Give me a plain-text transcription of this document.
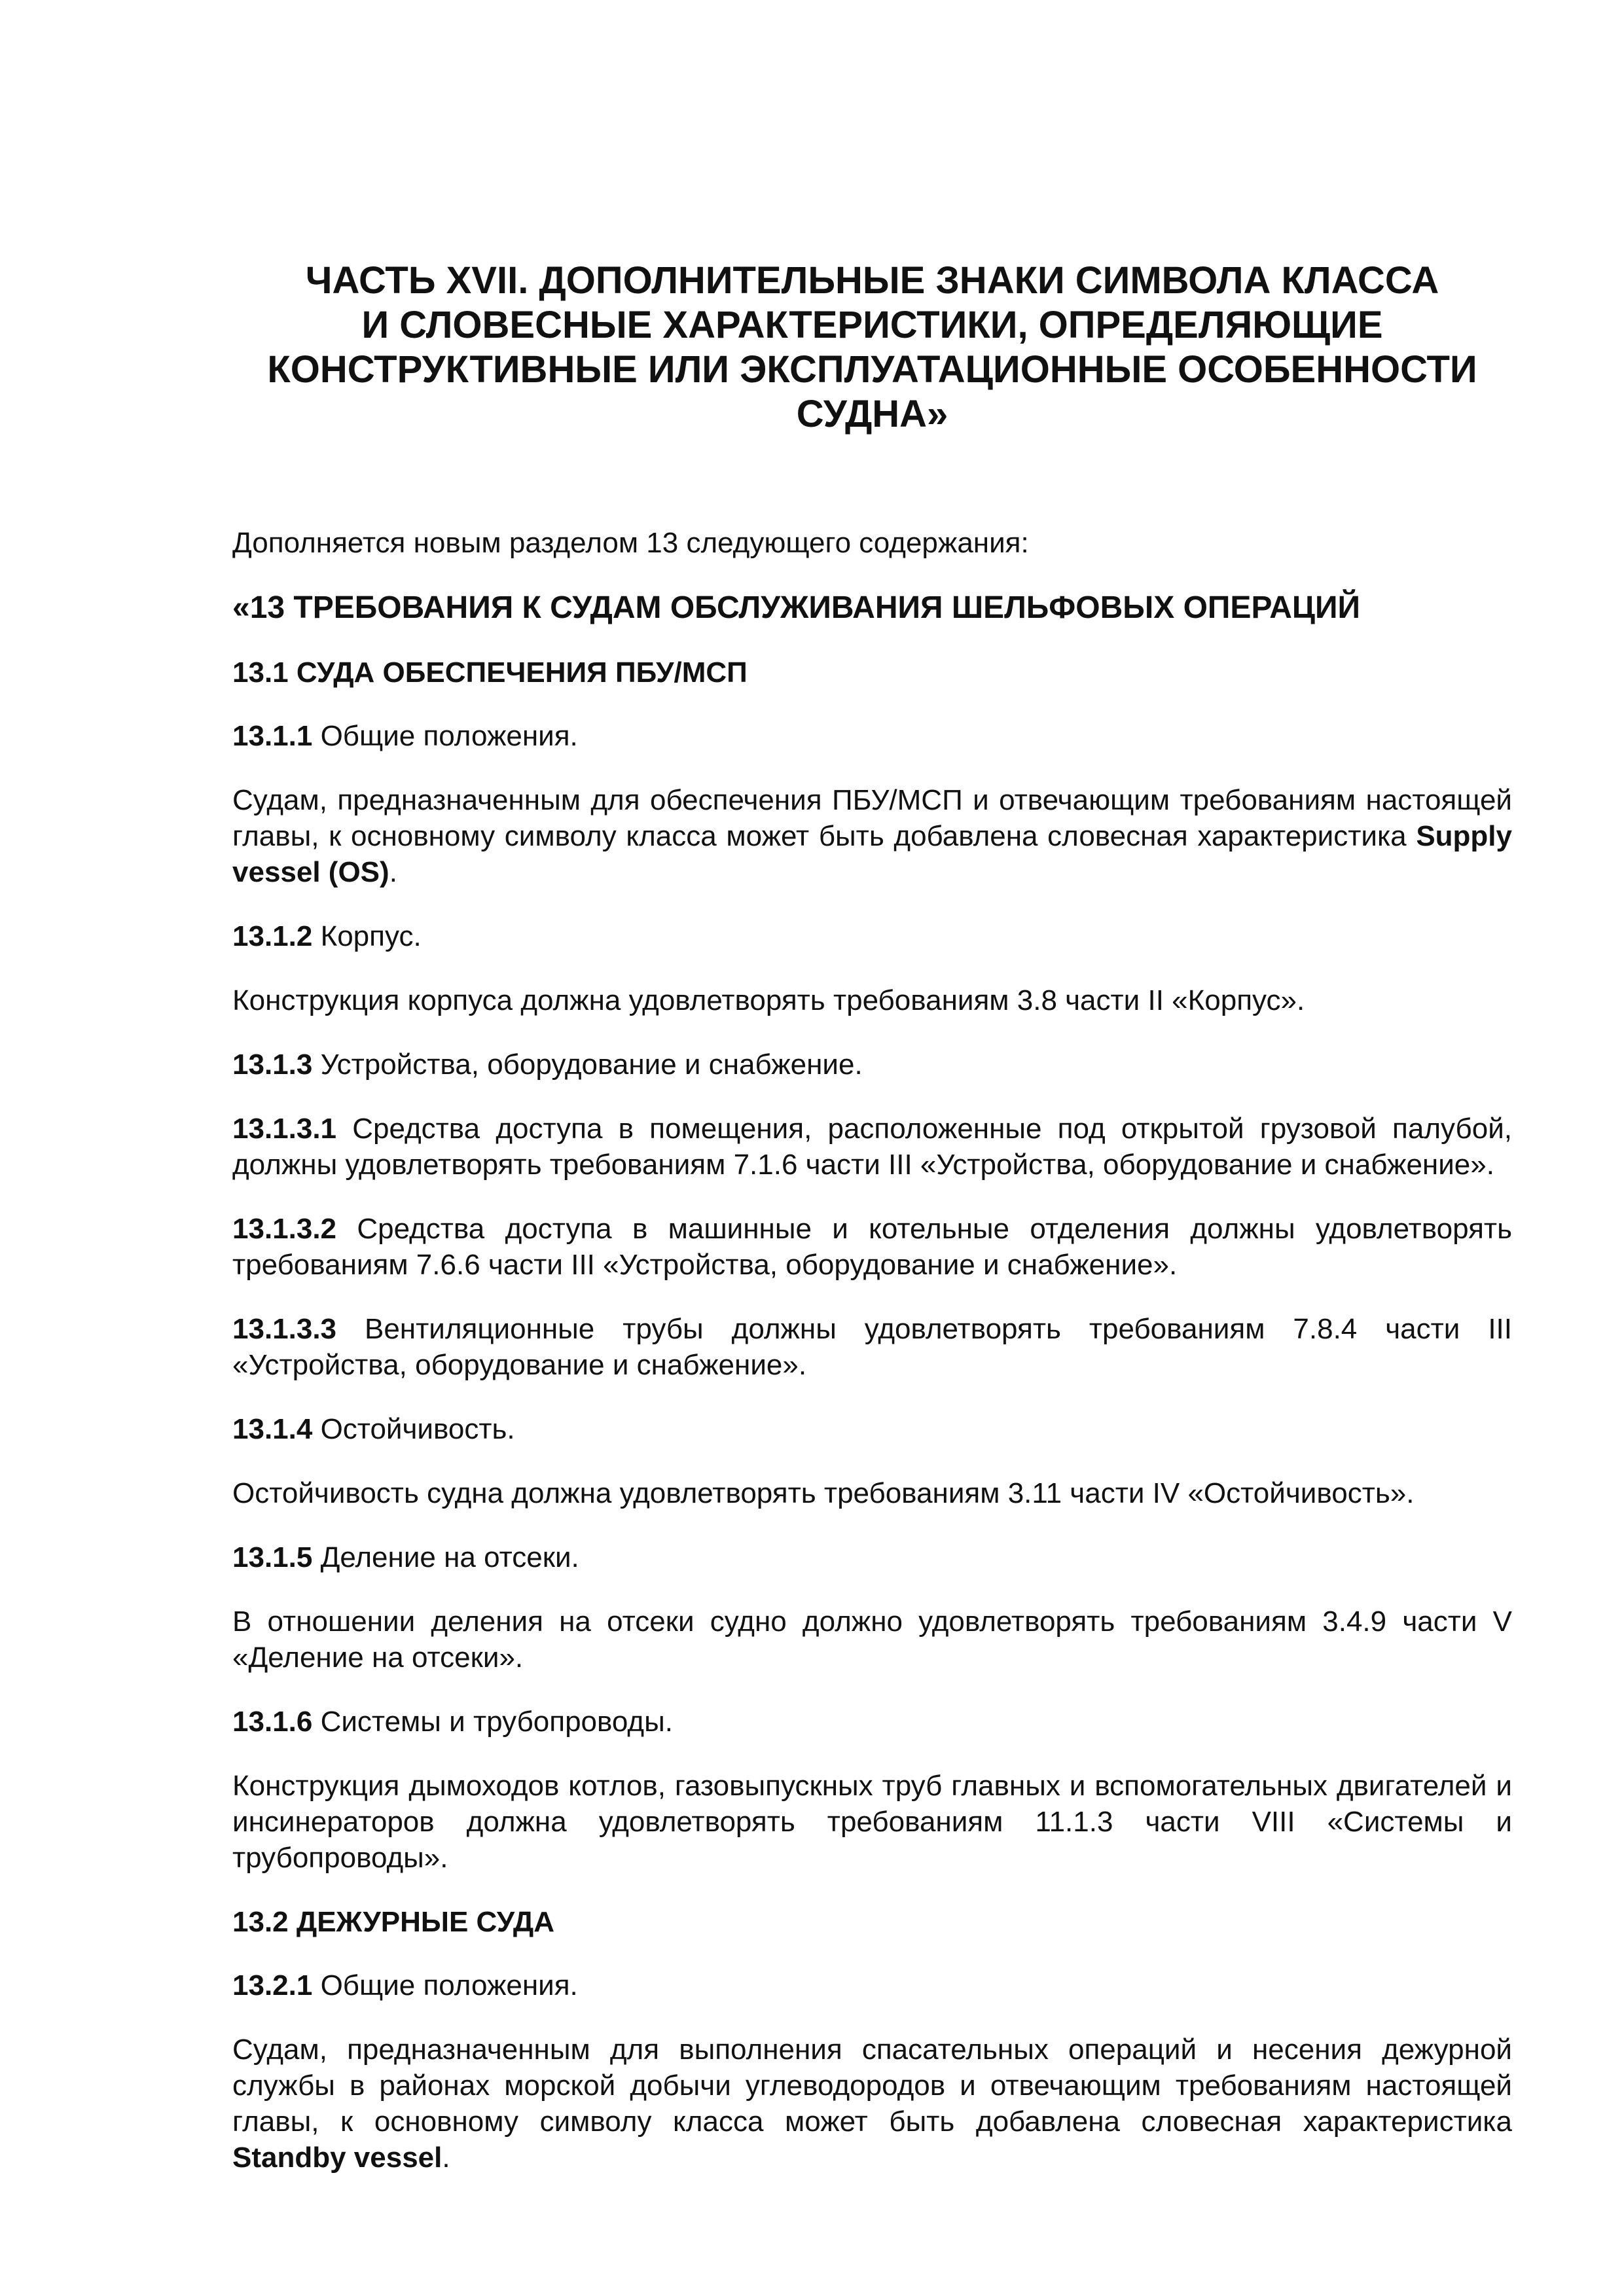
ЧАСТЬ XVII. ДОПОЛНИТЕЛЬНЫЕ ЗНАКИ СИМВОЛА КЛАССА
И СЛОВЕСНЫЕ ХАРАКТЕРИСТИКИ, ОПРЕДЕЛЯЮЩИЕ
КОНСТРУКТИВНЫЕ ИЛИ ЭКСПЛУАТАЦИОННЫЕ ОСОБЕННОСТИ
СУДНА»

Дополняется новым разделом 13 следующего содержания:

«13 ТРЕБОВАНИЯ К СУДАМ ОБСЛУЖИВАНИЯ ШЕЛЬФОВЫХ ОПЕРАЦИЙ
13.1 СУДА ОБЕСПЕЧЕНИЯ ПБУ/МСП

13.1.1 Общие положения.

Судам, предназначенным для обеспечения ПБУ/МСП и отвечающим требованиям настоящей главы, к основному символу класса может быть добавлена словесная характеристика Supply vessel (OS).

13.1.2 Корпус.

Конструкция корпуса должна удовлетворять требованиям 3.8 части II «Корпус».

13.1.3 Устройства, оборудование и снабжение.

13.1.3.1 Средства доступа в помещения, расположенные под открытой грузовой палубой, должны удовлетворять требованиям 7.1.6 части III «Устройства, оборудование и снабжение».

13.1.3.2 Средства доступа в машинные и котельные отделения должны удовлетворять требованиям 7.6.6 части III «Устройства, оборудование и снабжение».

13.1.3.3 Вентиляционные трубы должны удовлетворять требованиям 7.8.4 части III «Устройства, оборудование и снабжение».

13.1.4 Остойчивость.

Остойчивость судна должна удовлетворять требованиям 3.11 части IV «Остойчивость».

13.1.5 Деление на отсеки.

В отношении деления на отсеки судно должно удовлетворять требованиям 3.4.9 части V «Деление на отсеки».

13.1.6 Системы и трубопроводы.

Конструкция дымоходов котлов, газовыпускных труб главных и вспомогательных двигателей и инсинераторов должна удовлетворять требованиям 11.1.3 части VIII «Системы и трубопроводы».

13.2 ДЕЖУРНЫЕ СУДА

13.2.1 Общие положения.

Судам, предназначенным для выполнения спасательных операций и несения дежурной службы в районах морской добычи углеводородов и отвечающим требованиям настоящей главы, к основному символу класса может быть добавлена словесная характеристика Standby vessel.
